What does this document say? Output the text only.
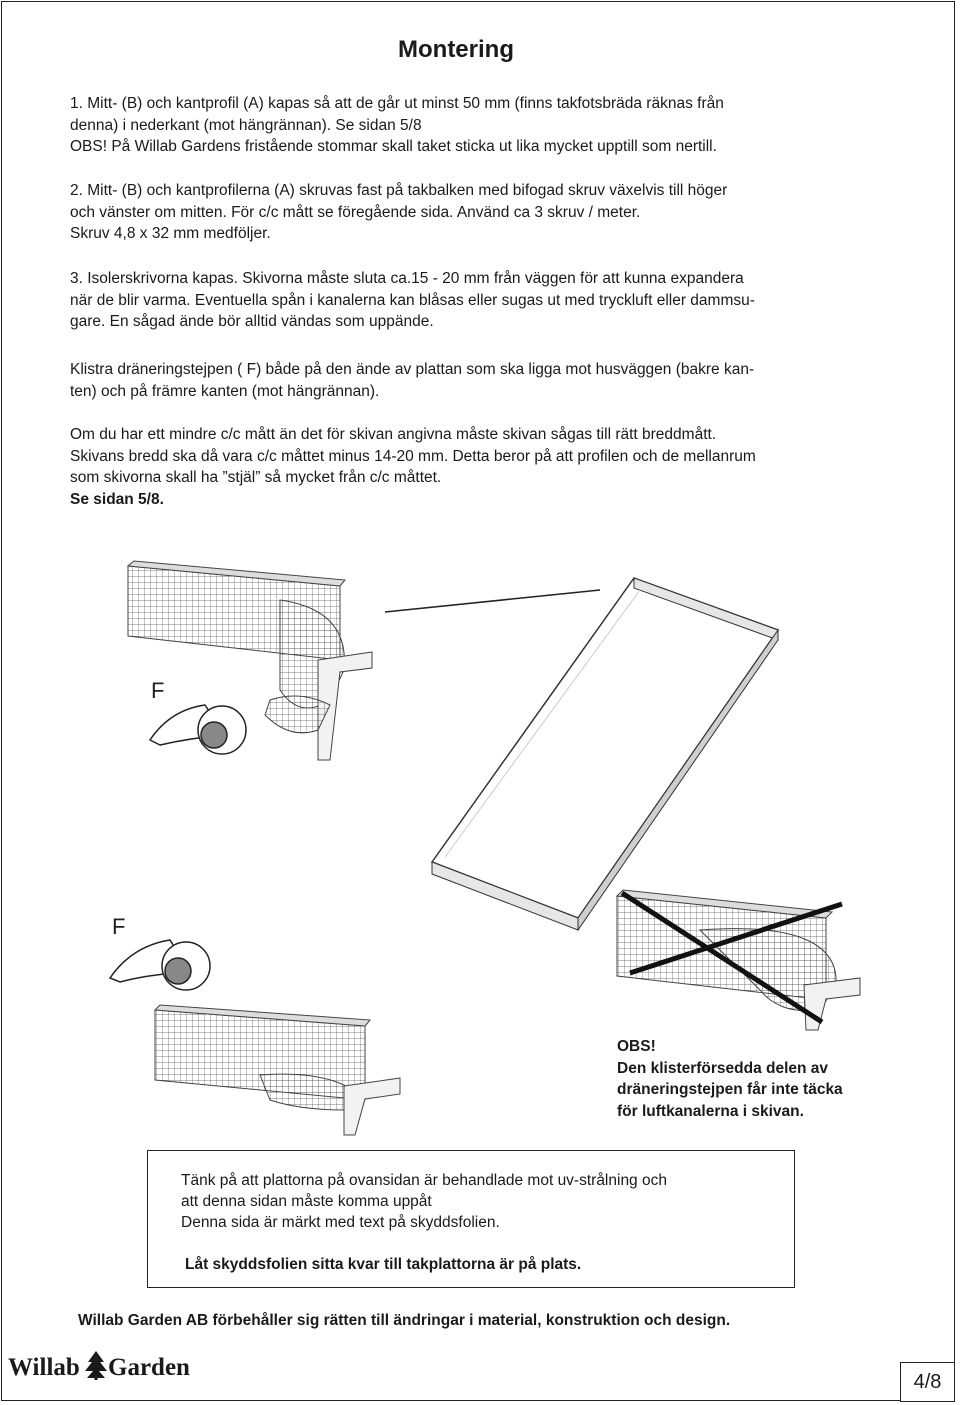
Montering

1. Mitt- (B) och kantprofil (A) kapas så att de går ut minst 50 mm (finns takfotsbräda räknas från

denna) i nederkant (mot hängrännan). Se sidan 5/8

OBS! På Willab Gardens fristående stommar skall taket sticka ut lika mycket upptill som nertill.

2. Mitt- (B) och kantprofilerna (A) skruvas fast på takbalken med bifogad skruv växelvis till höger

och vänster om mitten. För c/c mått se föregående sida. Använd ca 3 skruv / meter.

Skruv 4,8 x 32 mm medföljer.

3. Isolerskrivorna kapas. Skivorna måste sluta ca.15 - 20 mm från väggen för att kunna expandera

när de blir varma. Eventuella spån i kanalerna kan blåsas eller sugas ut med tryckluft eller dammsu-

gare. En sågad ände bör alltid vändas som uppände.

Klistra dräneringstejpen ( F) både på den ände av plattan som ska ligga mot husväggen (bakre kan-

ten) och på främre kanten (mot hängrännan).

Om du har ett mindre c/c mått än det för skivan angivna måste skivan sågas till rätt breddmått.

Skivans bredd ska då vara c/c måttet minus 14-20 mm. Detta beror på att profilen och de mellanrum

som skivorna skall ha ”stjäl” så mycket från c/c måttet.

Se sidan 5/8.

F
F
OBS!
Den klisterförsedda delen av
dräneringstejpen får inte täcka
för luftkanalerna i skivan.
Tänk på att plattorna på ovansidan är behandlade mot uv-strålning och
att denna sidan måste komma uppåt
Denna sida är märkt med text på skyddsfolien.
Låt skyddsfolien sitta kvar till takplattorna är på plats.
Willab Garden AB förbehåller sig rätten till ändringar i material, konstruktion och design.
Willab Garden
4/8
